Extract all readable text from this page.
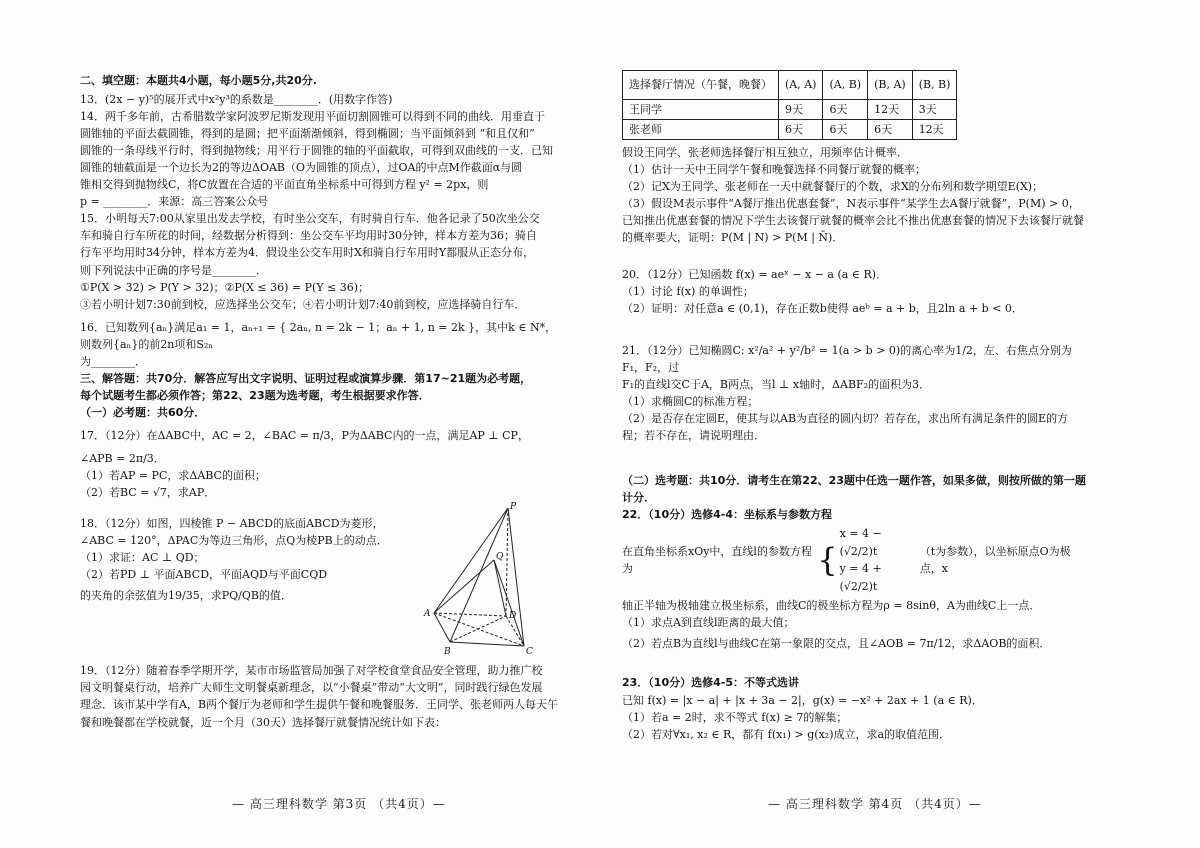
二、填空题：本题共4小题，每小题5分,共20分.

13．(2x − y)⁵的展开式中x²y³的系数是________．(用数字作答)

14．两千多年前，古希腊数学家阿波罗尼斯发现用平面切割圆锥可以得到不同的曲线．用垂直于

圆锥轴的平面去截圆锥，得到的是圆；把平面渐渐倾斜，得到椭圆；当平面倾斜到 “和且仅和”

圆锥的一条母线平行时，得到抛物线；用平行于圆锥的轴的平面截取，可得到双曲线的一支．已知

圆锥的轴截面是一个边长为2的等边ΔOAB（O为圆锥的顶点），过OA的中点M作截面α与圆

锥相交得到抛物线C，将C放置在合适的平面直角坐标系中可得到方程 y² = 2px，则

p = ________．来源：高三答案公众号

15．小明每天7:00从家里出发去学校，有时坐公交车，有时骑自行车．他各记录了50次坐公交

车和骑自行车所花的时间，经数据分析得到：坐公交车平均用时30分钟，样本方差为36；骑自

行车平均用时34分钟，样本方差为4．假设坐公交车用时X和骑自行车用时Y都服从正态分布，

则下列说法中正确的序号是________．

①P(X > 32) > P(Y > 32)；②P(X ≤ 36) = P(Y ≤ 36)；

③若小明计划7:30前到校，应选择坐公交车；④若小明计划7:40前到校，应选择骑自行车．

16．已知数列{aₙ}满足a₁ = 1，aₙ₊₁ = { 2aₙ, n = 2k − 1；aₙ + 1, n = 2k }，其中k ∈ N*，则数列{aₙ}的前2n项和S₂ₙ

为________．

三、解答题：共70分．解答应写出文字说明、证明过程或演算步骤．第17~21题为必考题，

每个试题考生都必须作答；第22、23题为选考题，考生根据要求作答．

（一）必考题：共60分．

17．（12分）在ΔABC中，AC = 2，∠BAC = π/3，P为ΔABC内的一点，满足AP ⊥ CP，

∠APB = 2π/3．

（1）若AP = PC，求ΔABC的面积；

（2）若BC = √7，求AP．

18．（12分）如图，四棱锥 P − ABCD的底面ABCD为菱形，

∠ABC = 120°，ΔPAC为等边三角形，点Q为棱PB上的动点．

（1）求证：AC ⊥ QD；

（2）若PD ⊥ 平面ABCD，平面AQD与平面CQD

的夹角的余弦值为19/35，求PQ/QB的值．

19．（12分）随着春季学期开学，某市市场监管局加强了对学校食堂食品安全管理，助力推广校

园文明餐桌行动，培养广大师生文明餐桌新理念，以“小餐桌”带动“大文明”，同时践行绿色发展

理念．该市某中学有A，B两个餐厅为老师和学生提供午餐和晚餐服务．王同学、张老师两人每天午

餐和晚餐都在学校就餐，近一个月（30天）选择餐厅就餐情况统计如下表：

P
Q
A
B	C
D
选择餐厅情况（午餐，晚餐）	(A, A)	(A, B)	(B, A)	(B, B)
王同学	9天	6天	12天	3天
张老师	6天	6天	6天	12天

假设王同学、张老师选择餐厅相互独立，用频率估计概率．

（1）估计一天中王同学午餐和晚餐选择不同餐厅就餐的概率；

（2）记X为王同学、张老师在一天中就餐餐厅的个数，求X的分布列和数学期望E(X)；

（3）假设M表示事件“A餐厅推出优惠套餐”，N表示事件“某学生去A餐厅就餐”，P(M) > 0，

已知推出优惠套餐的情况下学生去该餐厅就餐的概率会比不推出优惠套餐的情况下去该餐厅就餐

的概率要大，证明：P(M | N) > P(M | N̄)．

20．（12分）已知函数 f(x) = aeˣ − x − a (a ∈ R)．

（1）讨论 f(x) 的单调性；

（2）证明：对任意a ∈ (0,1)，存在正数b使得 aeᵇ = a + b，且2ln a + b < 0．

21．（12分）已知椭圆C: x²/a² + y²/b² = 1(a > b > 0)的离心率为1/2，左、右焦点分别为F₁，F₂，过

F₁的直线l交C于A，B两点，当l ⊥ x轴时，ΔABF₂的面积为3．

（1）求椭圆C的标准方程；

（2）是否存在定圆E，使其与以AB为直径的圆内切？若存在，求出所有满足条件的圆E的方

程；若不存在，请说明理由．

（二）选考题：共10分．请考生在第22、23题中任选一题作答，如果多做，则按所做的第一题计分．

22．（10分）选修4-4：坐标系与参数方程

在直角坐标系xOy中，直线l的参数方程为	{
x = 4 − (√2/2)t
y = 4 + (√2/2)t
（t为参数），以坐标原点O为极点，x

轴正半轴为极轴建立极坐标系，曲线C的极坐标方程为ρ = 8sinθ，A为曲线C上一点．

（1）求点A到直线l距离的最大值；

（2）若点B为直线l与曲线C在第一象限的交点，且∠AOB = 7π/12，求ΔAOB的面积．

23．（10分）选修4-5：不等式选讲

已知 f(x) = |x − a| + |x + 3a − 2|，g(x) = −x² + 2ax + 1 (a ∈ R)．

（1）若a = 2时，求不等式 f(x) ≥ 7的解集；

（2）若对∀x₁, x₂ ∈ R，都有 f(x₁) > g(x₂)成立，求a的取值范围．

— 高三理科数学 第3页 （共4页）—	— 高三理科数学 第4页 （共4页）—
